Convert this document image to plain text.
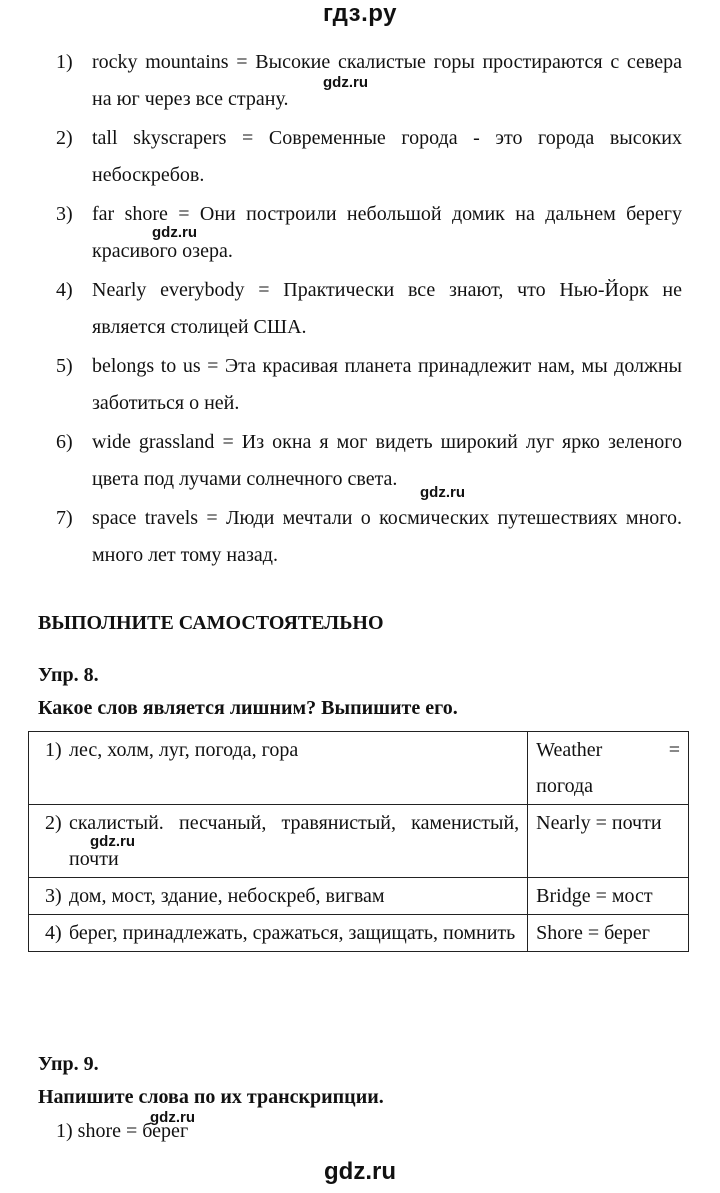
гдз.ру
1) rocky mountains = Высокие скалистые горы простираются с севера на юг через все страну.
2) tall skyscrapers = Современные города - это города высоких небоскребов.
3) far shore = Они построили небольшой домик на дальнем берегу красивого озера.
4) Nearly everybody = Практически все знают, что Нью-Йорк не является столицей США.
5) belongs to us = Эта красивая планета принадлежит нам, мы должны заботиться о ней.
6) wide grassland = Из окна я мог видеть широкий луг ярко зеленого цвета под лучами солнечного света.
7) space travels = Люди мечтали о космических путешествиях много. много лет тому назад.
ВЫПОЛНИТЕ САМОСТОЯТЕЛЬНО
Упр. 8.
Какое слов является лишним? Выпишите его.
1) лес, холм, луг, погода, гора	Weather = погода

2) скалистый. песчаный, травянистый, каменистый, почти	Nearly = почти

3) дом, мост, здание, небоскреб, вигвам	Bridge = мост

4) берег, принадлежать, сражаться, защищать, помнить	Shore = берег
Упр. 9.
Напишите слова по их транскрипции.
1) shore = берег
gdz.ru
gdz.ru
gdz.ru
gdz.ru
gdz.ru
gdz.ru
